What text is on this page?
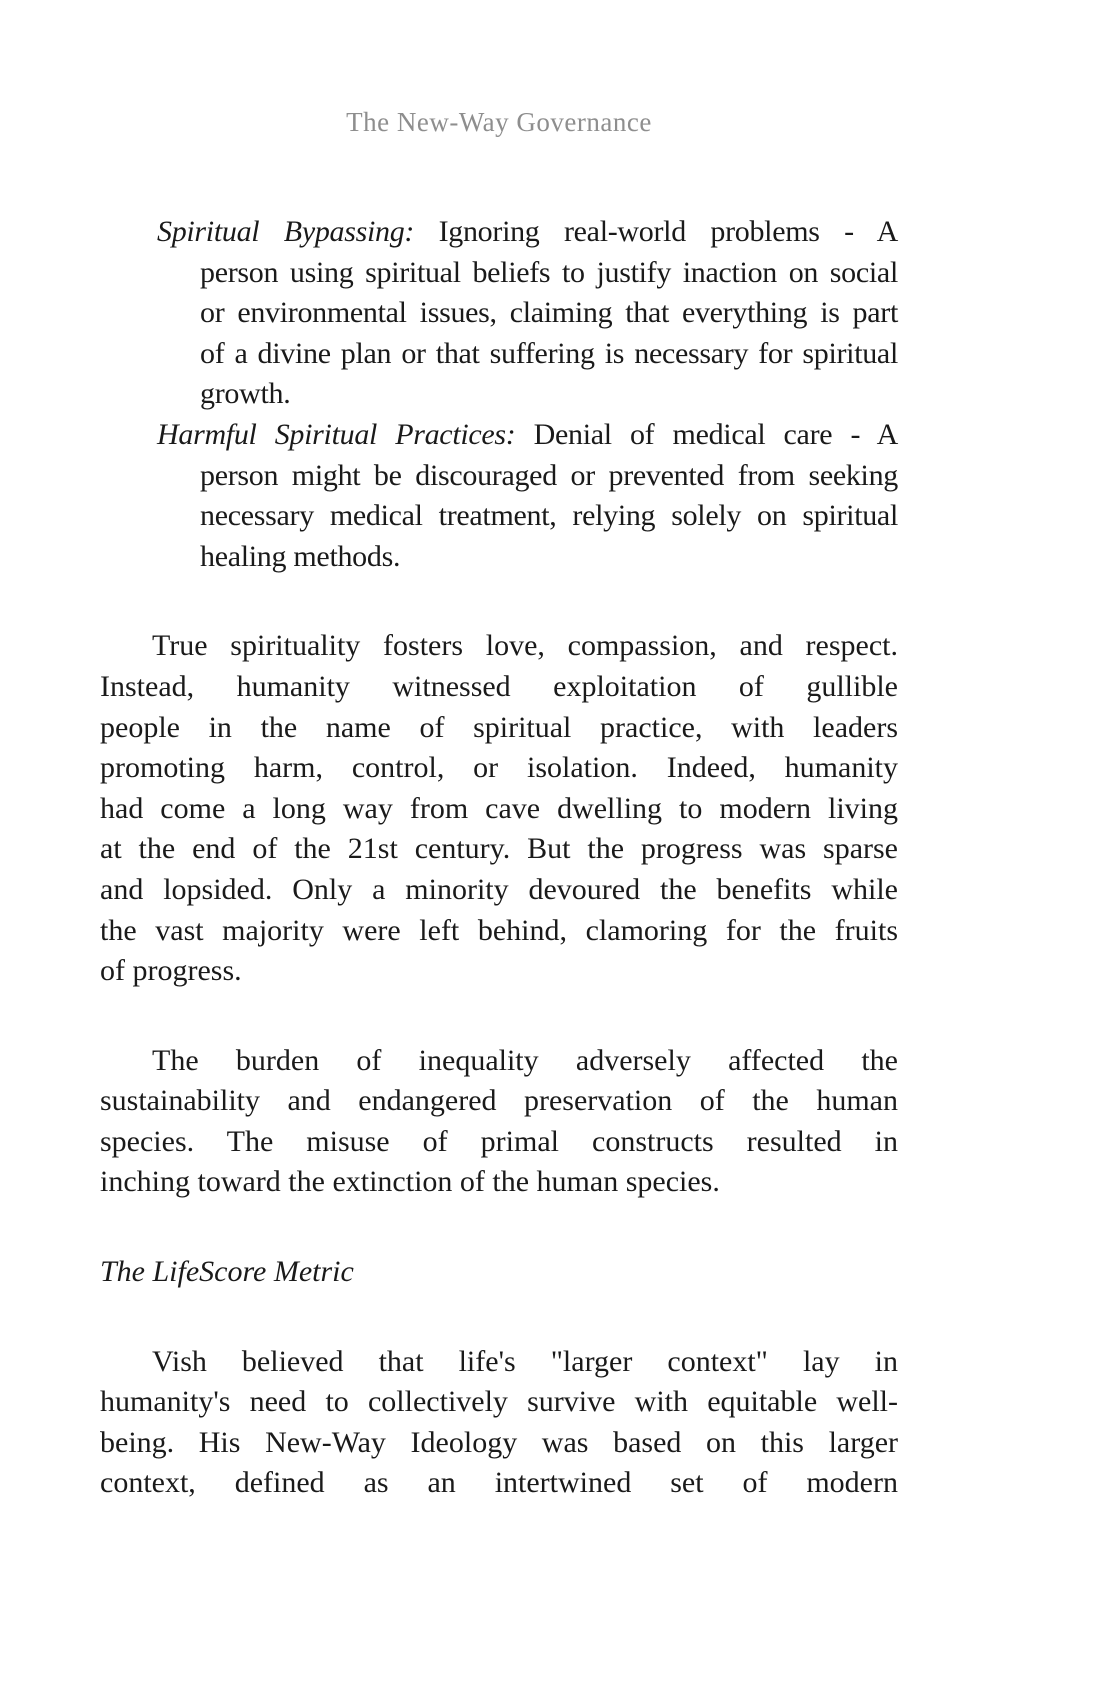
The New-Way Governance
Spiritual Bypassing: Ignoring real-world problems - A
person using spiritual beliefs to justify inaction on social
or environmental issues, claiming that everything is part
of a divine plan or that suffering is necessary for spiritual
growth.
Harmful Spiritual Practices: Denial of medical care - A
person might be discouraged or prevented from seeking
necessary medical treatment, relying solely on spiritual
healing methods.
True spirituality fosters love, compassion, and respect.
Instead, humanity witnessed exploitation of gullible
people in the name of spiritual practice, with leaders
promoting harm, control, or isolation. Indeed, humanity
had come a long way from cave dwelling to modern living
at the end of the 21st century. But the progress was sparse
and lopsided. Only a minority devoured the benefits while
the vast majority were left behind, clamoring for the fruits
of progress.
The burden of inequality adversely affected the
sustainability and endangered preservation of the human
species. The misuse of primal constructs resulted in
inching toward the extinction of the human species.
The LifeScore Metric
Vish believed that life's "larger context" lay in
humanity's need to collectively survive with equitable well-
being. His New-Way Ideology was based on this larger
context, defined as an intertwined set of modern
